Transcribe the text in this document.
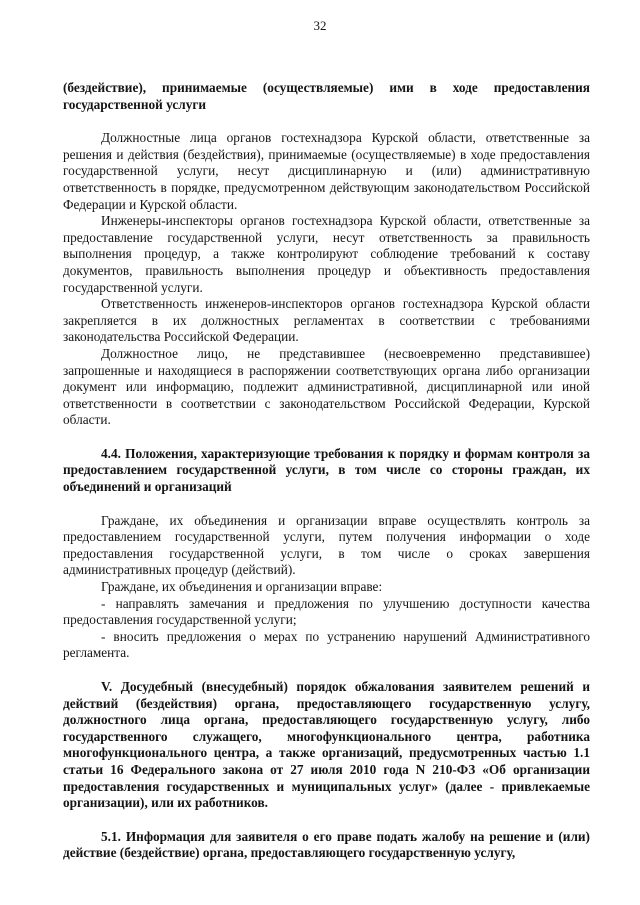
32

(бездействие), принимаемые (осуществляемые) ими в ходе предоставления государственной услуги

Должностные лица органов гостехнадзора Курской области, ответственные за решения и действия (бездействия), принимаемые (осуществляемые) в ходе предоставления государственной услуги, несут дисциплинарную и (или) административную ответственность в порядке, предусмотренном действующим законодательством Российской Федерации и Курской области.

Инженеры-инспекторы органов гостехнадзора Курской области, ответственные за предоставление государственной услуги, несут ответственность за правильность выполнения процедур, а также контролируют соблюдение требований к составу документов, правильность выполнения процедур и объективность предоставления государственной услуги.

Ответственность инженеров-инспекторов органов гостехнадзора Курской области закрепляется в их должностных регламентах в соответствии с требованиями законодательства Российской Федерации.

Должностное лицо, не представившее (несвоевременно представившее) запрошенные и находящиеся в распоряжении соответствующих органа либо организации документ или информацию, подлежит административной, дисциплинарной или иной ответственности в соответствии с законодательством Российской Федерации, Курской области.

4.4. Положения, характеризующие требования к порядку и формам контроля за предоставлением государственной услуги, в том числе со стороны граждан, их объединений и организаций

Граждане, их объединения и организации вправе осуществлять контроль за предоставлением государственной услуги, путем получения информации о ходе предоставления государственной услуги, в том числе о сроках завершения административных процедур (действий).

Граждане, их объединения и организации вправе:

- направлять замечания и предложения по улучшению доступности качества предоставления государственной услуги;

- вносить предложения о мерах по устранению нарушений Административного регламента.

V. Досудебный (внесудебный) порядок обжалования заявителем решений и действий (бездействия) органа, предоставляющего государственную услугу, должностного лица органа, предоставляющего государственную услугу, либо государственного служащего, многофункционального центра, работника многофункционального центра, а также организаций, предусмотренных частью 1.1 статьи 16 Федерального закона от 27 июля 2010 года N 210-ФЗ «Об организации предоставления государственных и муниципальных услуг» (далее - привлекаемые организации), или их работников.

5.1. Информация для заявителя о его праве подать жалобу на решение и (или) действие (бездействие) органа, предоставляющего государственную услугу,
